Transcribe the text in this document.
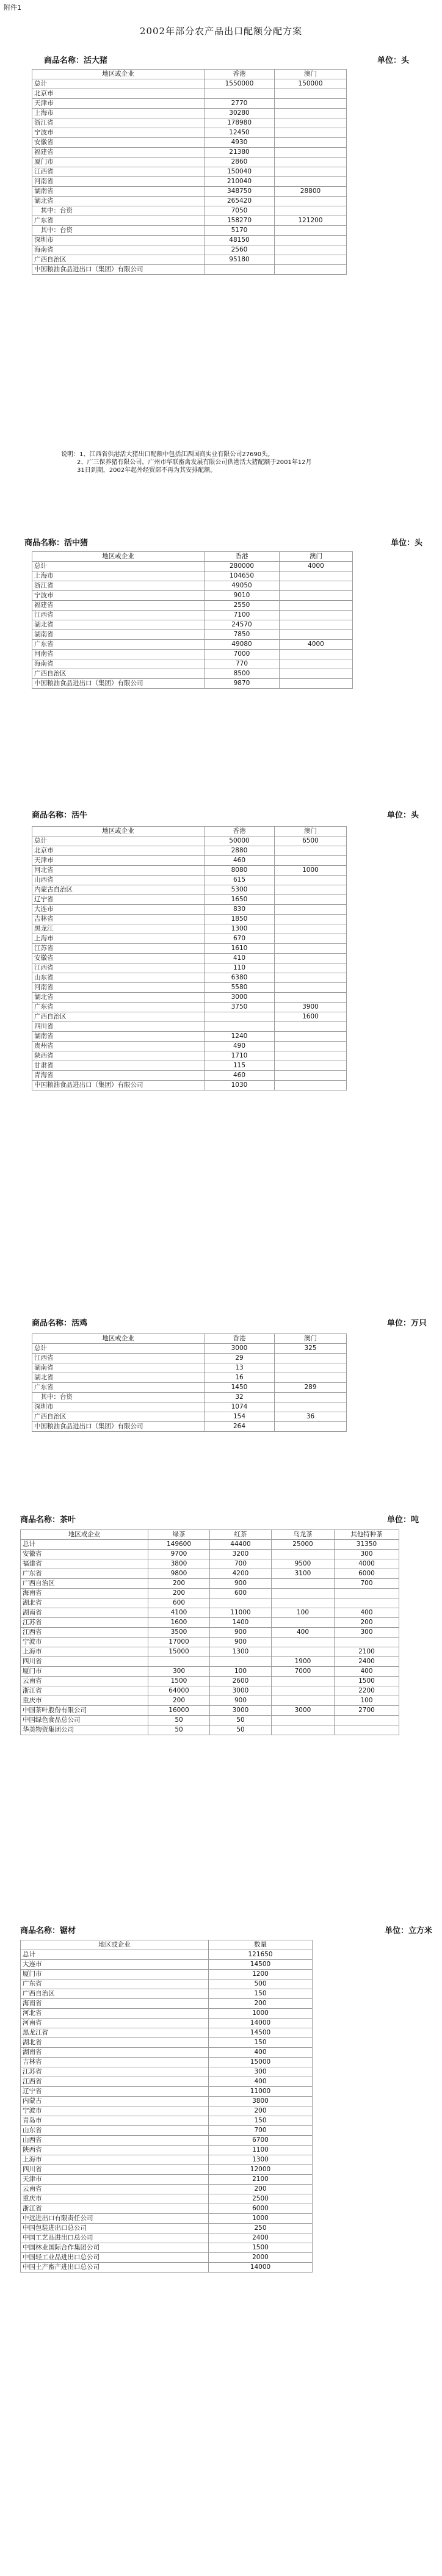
附件1
2002年部分农产品出口配额分配方案
商品名称：活大猪	单位：头
地区或企业	香港	澳门
总计	1550000	150000
北京市		
天津市	2770	
上海市	30280	
浙江省	178980	
宁波市	12450	
安徽省	4930	
福建省	21380	
厦门市	2860	
江西省	150040	
河南省	210040	
湖南省	348750	28800
湖北省	265420	
　其中：台资	7050	
广东省	158270	121200
　其中：台资	5170	
深圳市	48150	
海南省	2560	
广西自治区	95180	
中国粮油食品进出口（集团）有限公司		
说明：1、江西省供港活大猪出口配额中包括江西国商实业有限公司27690头。
2、广三保养猪有限公司，广州市华联畜禽发展有限公司供港活大猪配额于2001年12月
31日到期，2002年起外经贸部不再为其安排配额。
商品名称：活中猪	单位：头
地区或企业	香港	澳门
总计	280000	4000
上海市	104650	
浙江省	49050	
宁波市	9010	
福建省	2550	
江西省	7100	
湖北省	24570	
湖南省	7850	
广东省	49080	4000
河南省	7000	
海南省	770	
广西自治区	8500	
中国粮油食品进出口（集团）有限公司	9870	
商品名称：活牛	单位：头
地区或企业	香港	澳门
总计	50000	6500
北京市	2880	
天津市	460	
河北省	8080	1000
山西省	615	
内蒙古自治区	5300	
辽宁省	1650	
大连市	830	
吉林省	1850	
黑龙江	1300	
上海市	670	
江苏省	1610	
安徽省	410	
江西省	110	
山东省	6380	
河南省	5580	
湖北省	3000	
广东省	3750	3900
广西自治区		1600
四川省		
湖南省	1240	
贵州省	490	
陕西省	1710	
甘肃省	115	
青海省	460	
中国粮油食品进出口（集团）有限公司	1030	
商品名称：活鸡	单位：万只
地区或企业	香港	澳门
总计	3000	325
江西省	29	
湖南省	13	
湖北省	16	
广东省	1450	289
　其中：台资	32	
深圳市	1074	
广西自治区	154	36
中国粮油食品进出口（集团）有限公司	264	
商品名称：茶叶	单位：吨
地区或企业	绿茶	红茶	乌龙茶	其他特种茶
总计	149600	44400	25000	31350
安徽省	9700	3200		300
福建省	3800	700	9500	4000
广东省	9800	4200	3100	6000
广西自治区	200	900		700
海南省	200	600		
湖北省	600			
湖南省	4100	11000	100	400
江苏省	1600	1400		200
江西省	3500	900	400	300
宁波市	17000	900		
上海市	15000	1300		2100
四川省			1900	2400
厦门市	300	100	7000	400
云南省	1500	2600		1500
浙江省	64000	3000		2200
重庆市	200	900		100
中国茶叶股份有限公司	16000	3000	3000	2700
中国绿色食品总公司	50	50		
华美物资集团公司	50	50		
商品名称：锯材	单位：立方米
地区或企业	数量
总计	121650
大连市	14500
厦门市	1200
广东省	500
广西自治区	150
海南省	200
河北省	1000
河南省	14000
黑龙江省	14500
湖北省	150
湖南省	400
吉林省	15000
江苏省	300
江西省	400
辽宁省	11000
内蒙古	3800
宁波市	200
青岛市	150
山东省	700
山西省	6700
陕西省	1100
上海市	1300
四川省	12000
天津市	2100
云南省	200
重庆市	2500
浙江省	6000
中远进出口有限责任公司	1000
中国包装进出口总公司	250
中国工艺品进出口总公司	2400
中国林业国际合作集团公司	1500
中国轻工业品进出口总公司	2000
中国土产畜产进出口总公司	14000
